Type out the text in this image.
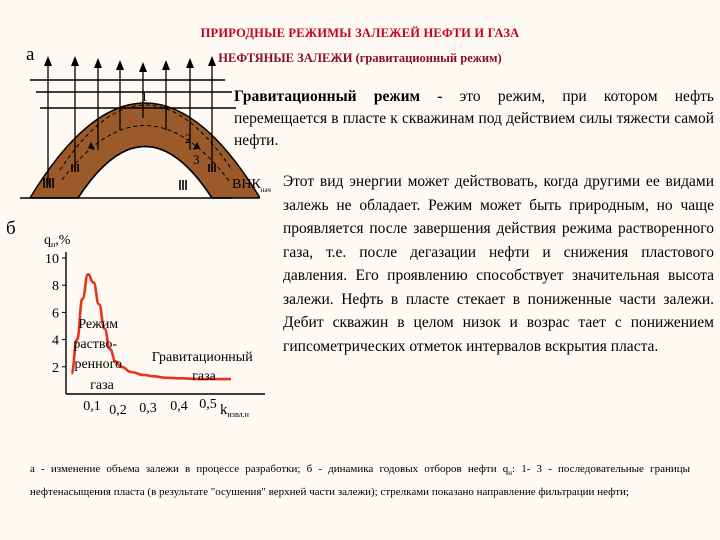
ПРИРОДНЫЕ РЕЖИМЫ ЗАЛЕЖЕЙ НЕФТИ И ГАЗА
НЕФТЯНЫЕ ЗАЛЕЖИ (гравитационный режим)
а
б
1
2
3
$ВНК_{нач}$
$q_н,\%$
10
8
6
4
2
0,1 0,2 0,3 0,4 0,5 $k_{извл.н}$
Режим раство- ренного газа
Гравитационный газа
Гравитационный режим - это режим, при котором нефть перемещается в пласте к скважинам под действием силы тяжести самой нефти.
Этот вид энергии может действовать, когда другими ее видами залежь не обладает. Режим может быть природным, но чаще проявляется после завершения действия режима растворенного газа, т.е. после дегазации нефти и снижения пластового давления. Его проявлению способствует значительная высота залежи. Нефть в пласте стекает в пониженные части залежи. Дебит скважин в целом низок и возрас тает с понижением гипсометрических отметок интервалов вскрытия пласта.
а - изменение объема залежи в процессе разработки; б - динамика годовых отборов нефти $q_н$: 1- 3 - последовательные границы нефтенасыщения пласта (в результате "осушения" верхней части залежи); стрелками показано направление фильтрации нефти;
